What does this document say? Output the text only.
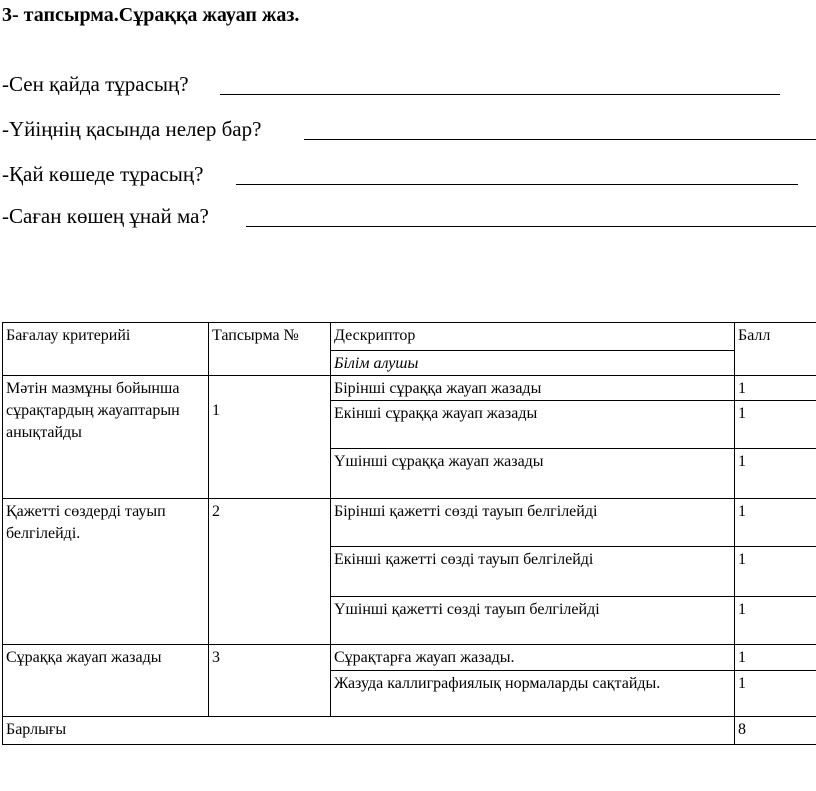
3- тапсырма.Сұраққа жауап жаз.
-Сен қайда тұрасың?
-Үйіңнің қасында нелер бар?
-Қай көшеде тұрасың?
-Саған көшең ұнай ма?
Бағалау критерийі	Тапсырма №	Дескриптор	Балл
		Білім алушы	
Мәтін мазмұны бойынша сұрақтардың жауаптарын анықтайды	1	Бірінші сұраққа жауап жазады	1
		Екінші сұраққа жауап жазады	1
		Үшінші сұраққа жауап жазады	1
Қажетті сөздерді тауып белгілейді.	2	Бірінші қажетті сөзді тауып белгілейді	1
		Екінші қажетті сөзді тауып белгілейді	1
		Үшінші қажетті сөзді тауып белгілейді	1
Сұраққа жауап жазады	3	Сұрақтарға жауап жазады.	1
		Жазуда каллиграфиялық нормаларды сақтайды.	1
Барлығы			8
